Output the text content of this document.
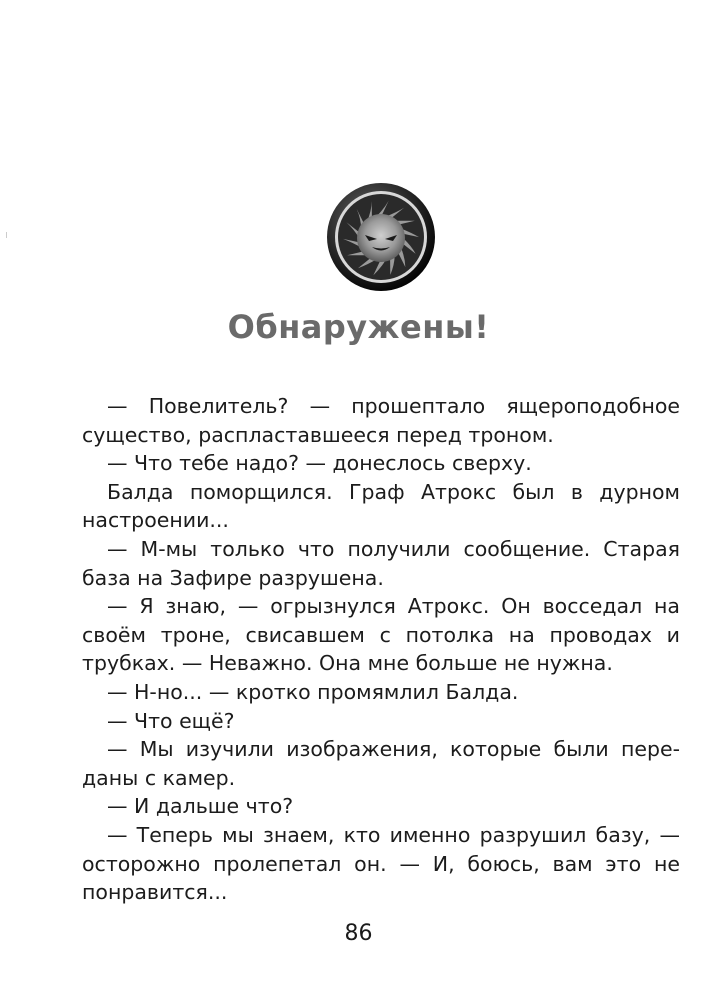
Обнаружены!

— Повелитель? — прошептало ящероподобное существо, распластавшееся перед троном.

— Что тебе надо? — донеслось сверху.

Балда поморщился. Граф Атрокс был в дурном настроении...

— М-мы только что получили сообщение. Старая база на Зафире разрушена.

— Я знаю, — огрызнулся Атрокс. Он восседал на своём троне, свисавшем с потолка на проводах и трубках. — Неважно. Она мне больше не нужна.

— Н-но... — кротко промямлил Балда.

— Что ещё?

— Мы изучили изображения, которые были переданы с камер.

— И дальше что?

— Теперь мы знаем, кто именно разрушил базу, — осторожно пролепетал он. — И, боюсь, вам это не понравится...

86
